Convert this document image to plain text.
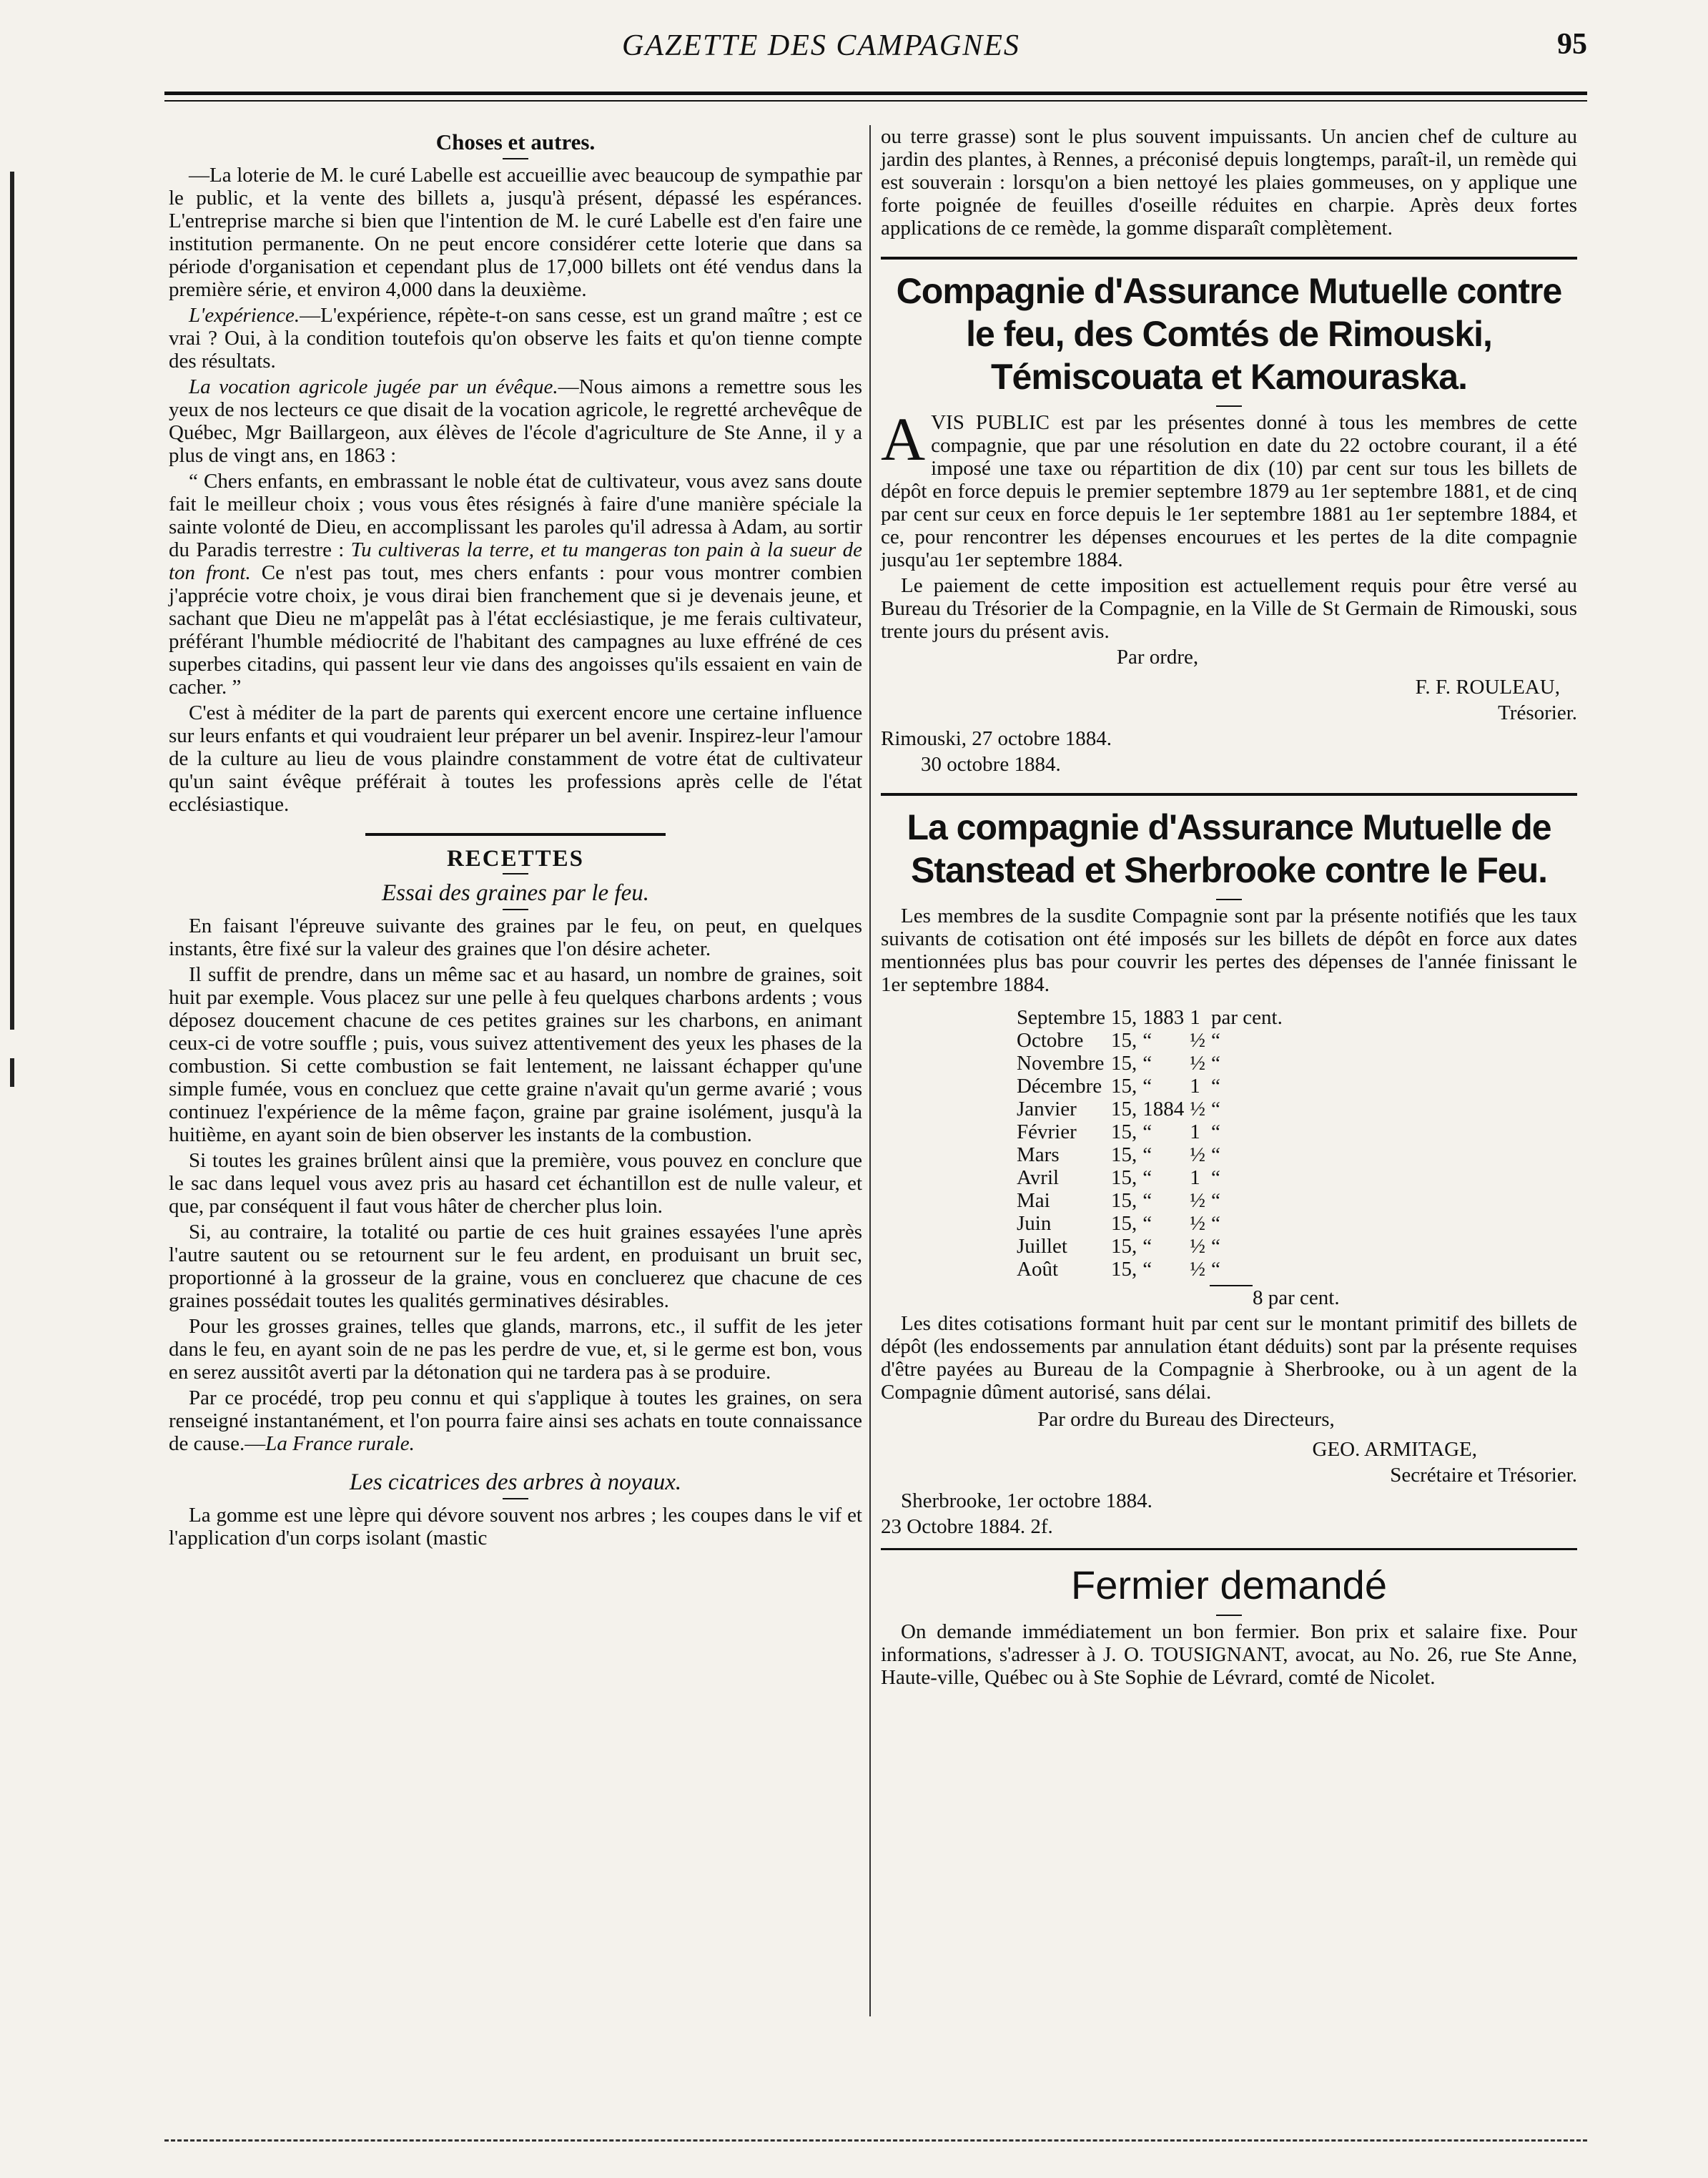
GAZETTE DES CAMPAGNES	95
Choses et autres.

—La loterie de M. le curé Labelle est accueillie avec beaucoup de sympathie par le public, et la vente des billets a, jusqu'à présent, dépassé les espérances. L'entreprise marche si bien que l'intention de M. le curé Labelle est d'en faire une institution permanente. On ne peut encore considérer cette loterie que dans sa période d'organisation et cependant plus de 17,000 billets ont été vendus dans la première série, et environ 4,000 dans la deuxième.

L'expérience.—L'expérience, répète-t-on sans cesse, est un grand maître ; est ce vrai ? Oui, à la condition toutefois qu'on observe les faits et qu'on tienne compte des résultats.

La vocation agricole jugée par un évêque.—Nous aimons a remettre sous les yeux de nos lecteurs ce que disait de la vocation agricole, le regretté archevêque de Québec, Mgr Baillargeon, aux élèves de l'école d'agriculture de Ste Anne, il y a plus de vingt ans, en 1863 :

“ Chers enfants, en embrassant le noble état de cultivateur, vous avez sans doute fait le meilleur choix ; vous vous êtes résignés à faire d'une manière spéciale la sainte volonté de Dieu, en accomplissant les paroles qu'il adressa à Adam, au sortir du Paradis terrestre : Tu cultiveras la terre, et tu mangeras ton pain à la sueur de ton front. Ce n'est pas tout, mes chers enfants : pour vous montrer combien j'apprécie votre choix, je vous dirai bien franchement que si je devenais jeune, et sachant que Dieu ne m'appelât pas à l'état ecclésiastique, je me ferais cultivateur, préférant l'humble médiocrité de l'habitant des campagnes au luxe effréné de ces superbes citadins, qui passent leur vie dans des angoisses qu'ils essaient en vain de cacher. ”

C'est à méditer de la part de parents qui exercent encore une certaine influence sur leurs enfants et qui voudraient leur préparer un bel avenir. Inspirez-leur l'amour de la culture au lieu de vous plaindre constamment de votre état de cultivateur qu'un saint évêque préférait à toutes les professions après celle de l'état ecclésiastique.

RECETTES
Essai des graines par le feu.

En faisant l'épreuve suivante des graines par le feu, on peut, en quelques instants, être fixé sur la valeur des graines que l'on désire acheter.

Il suffit de prendre, dans un même sac et au hasard, un nombre de graines, soit huit par exemple. Vous placez sur une pelle à feu quelques charbons ardents ; vous déposez doucement chacune de ces petites graines sur les charbons, en animant ceux-ci de votre souffle ; puis, vous suivez attentivement des yeux les phases de la combustion. Si cette combustion se fait lentement, ne laissant échapper qu'une simple fumée, vous en concluez que cette graine n'avait qu'un germe avarié ; vous continuez l'expérience de la même façon, graine par graine isolément, jusqu'à la huitième, en ayant soin de bien observer les instants de la combustion.

Si toutes les graines brûlent ainsi que la première, vous pouvez en conclure que le sac dans lequel vous avez pris au hasard cet échantillon est de nulle valeur, et que, par conséquent il faut vous hâter de chercher plus loin.

Si, au contraire, la totalité ou partie de ces huit graines essayées l'une après l'autre sautent ou se retournent sur le feu ardent, en produisant un bruit sec, proportionné à la grosseur de la graine, vous en concluerez que chacune de ces graines possédait toutes les qualités germinatives désirables.

Pour les grosses graines, telles que glands, marrons, etc., il suffit de les jeter dans le feu, en ayant soin de ne pas les perdre de vue, et, si le germe est bon, vous en serez aussitôt averti par la détonation qui ne tardera pas à se produire.

Par ce procédé, trop peu connu et qui s'applique à toutes les graines, on sera renseigné instantanément, et l'on pourra faire ainsi ses achats en toute connaissance de cause.—La France rurale.

Les cicatrices des arbres à noyaux.

La gomme est une lèpre qui dévore souvent nos arbres ; les coupes dans le vif et l'application d'un corps isolant (mastic

ou terre grasse) sont le plus souvent impuissants. Un ancien chef de culture au jardin des plantes, à Rennes, a préconisé depuis longtemps, paraît-il, un remède qui est souverain : lorsqu'on a bien nettoyé les plaies gommeuses, on y applique une forte poignée de feuilles d'oseille réduites en charpie. Après deux fortes applications de ce remède, la gomme disparaît complètement.

Compagnie d'Assurance Mutuelle contre le feu, des Comtés de Rimouski, Témiscouata et Kamouraska.

AVIS PUBLIC est par les présentes donné à tous les membres de cette compagnie, que par une résolution en date du 22 octobre courant, il a été imposé une taxe ou répartition de dix (10) par cent sur tous les billets de dépôt en force depuis le premier septembre 1879 au 1er septembre 1881, et de cinq par cent sur ceux en force depuis le 1er septembre 1881 au 1er septembre 1884, et ce, pour rencontrer les dépenses encourues et les pertes de la dite compagnie jusqu'au 1er septembre 1884.

Le paiement de cette imposition est actuellement requis pour être versé au Bureau du Trésorier de la Compagnie, en la Ville de St Germain de Rimouski, sous trente jours du présent avis.

Par ordre,

F. F. ROULEAU,

Trésorier.

Rimouski, 27 octobre 1884.

30 octobre 1884.

La compagnie d'Assurance Mutuelle de Stanstead et Sherbrooke contre le Feu.

Les membres de la susdite Compagnie sont par la présente notifiés que les taux suivants de cotisation ont été imposés sur les billets de dépôt en force aux dates mentionnées plus bas pour couvrir les pertes des dépenses de l'année finissant le 1er septembre 1884.

Septembre	15,	1883	1	par cent.
Octobre	15,	“	½	“
Novembre	15,	“	½	“
Décembre	15,	“	1	“
Janvier	15,	1884	½	“
Février	15,	“	1	“
Mars	15,	“	½	“
Avril	15,	“	1	“
Mai	15,	“	½	“
Juin	15,	“	½	“
Juillet	15,	“	½	“
Août	15,	“	½	“

8 par cent.

Les dites cotisations formant huit par cent sur le montant primitif des billets de dépôt (les endossements par annulation étant déduits) sont par la présente requises d'être payées au Bureau de la Compagnie à Sherbrooke, ou à un agent de la Compagnie dûment autorisé, sans délai.

Par ordre du Bureau des Directeurs,

GEO. ARMITAGE,

Secrétaire et Trésorier.

Sherbrooke, 1er octobre 1884.

23 Octobre 1884. 2f.

Fermier demandé

On demande immédiatement un bon fermier. Bon prix et salaire fixe. Pour informations, s'adresser à J. O. TOUSIGNANT, avocat, au No. 26, rue Ste Anne, Haute-ville, Québec ou à Ste Sophie de Lévrard, comté de Nicolet.
